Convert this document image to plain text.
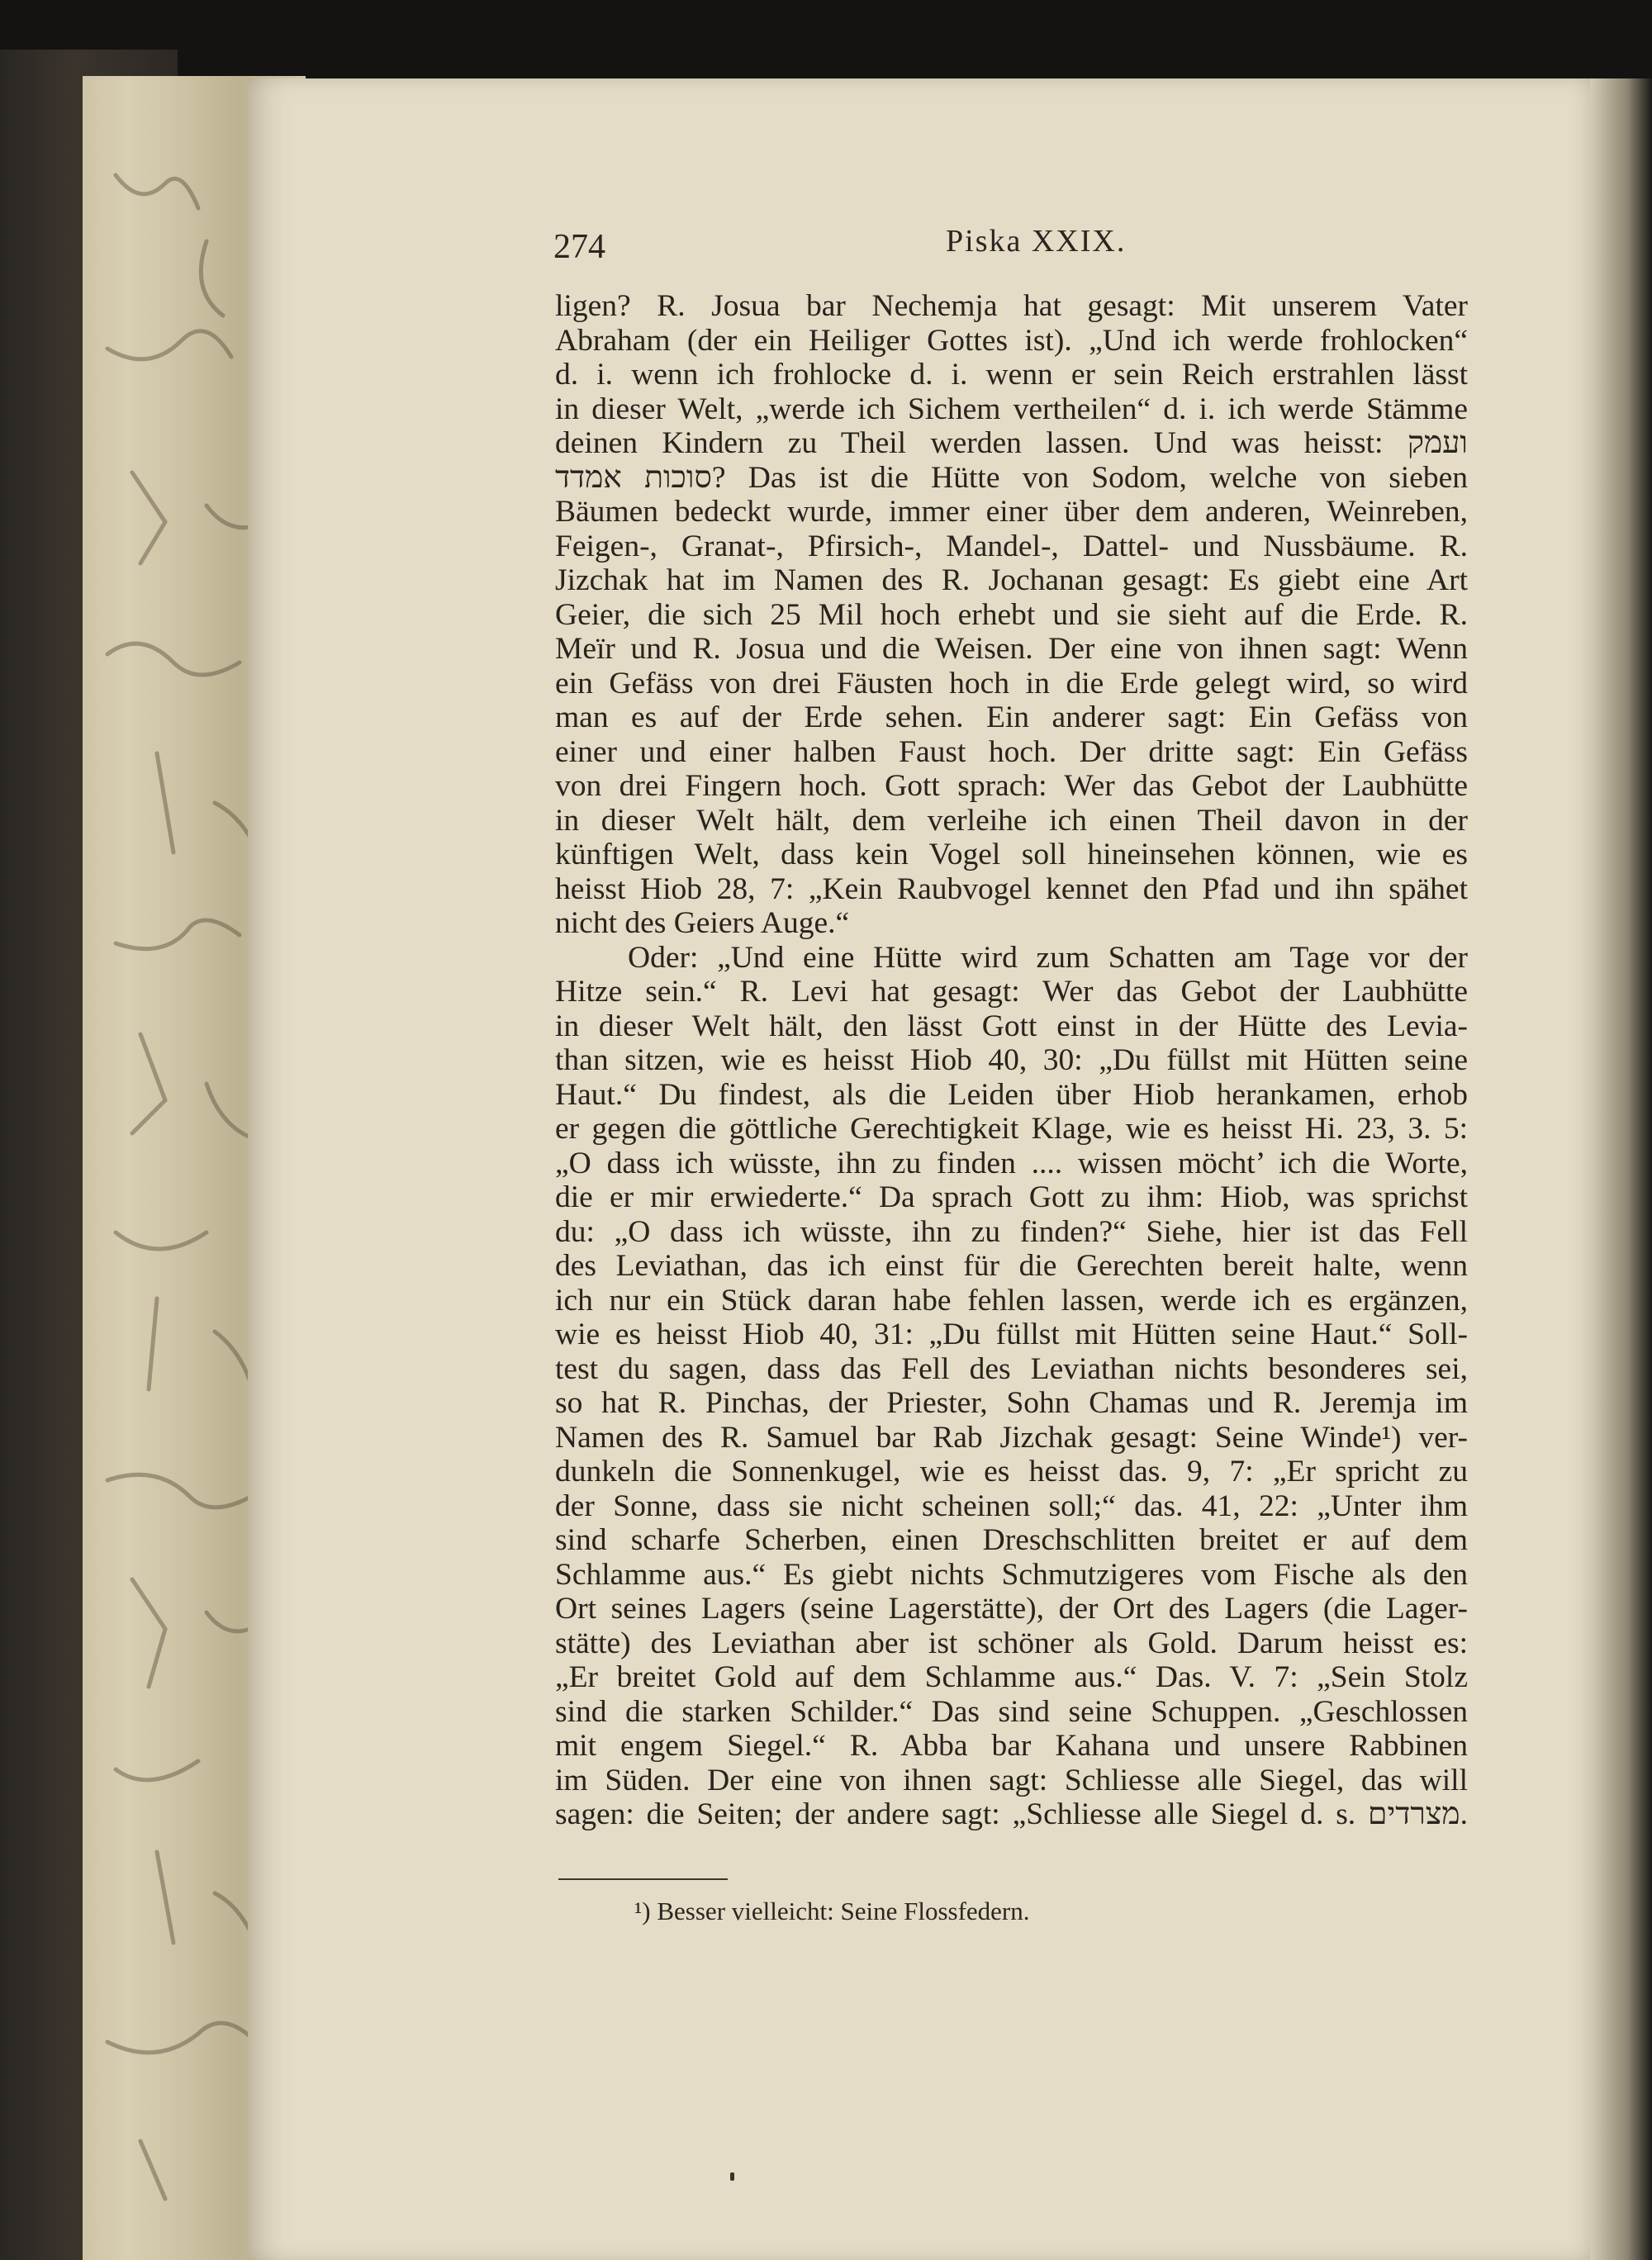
274	Piska XXIX.
ligen? R. Josua bar Nechemja hat gesagt: Mit unserem Vater
Abraham (der ein Heiliger Gottes ist). „Und ich werde frohlocken“
d. i. wenn ich frohlocke d. i. wenn er sein Reich erstrahlen lässt
in dieser Welt, „werde ich Sichem vertheilen“ d. i. ich werde Stämme
deinen Kindern zu Theil werden lassen. Und was heisst: ועמק
סוכות אמדד? Das ist die Hütte von Sodom, welche von sieben
Bäumen bedeckt wurde, immer einer über dem anderen, Weinreben,
Feigen-, Granat-, Pfirsich-, Mandel-, Dattel- und Nussbäume. R.
Jizchak hat im Namen des R. Jochanan gesagt: Es giebt eine Art
Geier, die sich 25 Mil hoch erhebt und sie sieht auf die Erde. R.
Meïr und R. Josua und die Weisen. Der eine von ihnen sagt: Wenn
ein Gefäss von drei Fäusten hoch in die Erde gelegt wird, so wird
man es auf der Erde sehen. Ein anderer sagt: Ein Gefäss von
einer und einer halben Faust hoch. Der dritte sagt: Ein Gefäss
von drei Fingern hoch. Gott sprach: Wer das Gebot der Laubhütte
in dieser Welt hält, dem verleihe ich einen Theil davon in der
künftigen Welt, dass kein Vogel soll hineinsehen können, wie es
heisst Hiob 28, 7: „Kein Raubvogel kennet den Pfad und ihn spähet
nicht des Geiers Auge.“
Oder: „Und eine Hütte wird zum Schatten am Tage vor der
Hitze sein.“ R. Levi hat gesagt: Wer das Gebot der Laubhütte
in dieser Welt hält, den lässt Gott einst in der Hütte des Levia-
than sitzen, wie es heisst Hiob 40, 30: „Du füllst mit Hütten seine
Haut.“ Du findest, als die Leiden über Hiob herankamen, erhob
er gegen die göttliche Gerechtigkeit Klage, wie es heisst Hi. 23, 3. 5:
„O dass ich wüsste, ihn zu finden .... wissen möcht’ ich die Worte,
die er mir erwiederte.“ Da sprach Gott zu ihm: Hiob, was sprichst
du: „O dass ich wüsste, ihn zu finden?“ Siehe, hier ist das Fell
des Leviathan, das ich einst für die Gerechten bereit halte, wenn
ich nur ein Stück daran habe fehlen lassen, werde ich es ergänzen,
wie es heisst Hiob 40, 31: „Du füllst mit Hütten seine Haut.“ Soll-
test du sagen, dass das Fell des Leviathan nichts besonderes sei,
so hat R. Pinchas, der Priester, Sohn Chamas und R. Jeremja im
Namen des R. Samuel bar Rab Jizchak gesagt: Seine Winde¹) ver-
dunkeln die Sonnenkugel, wie es heisst das. 9, 7: „Er spricht zu
der Sonne, dass sie nicht scheinen soll;“ das. 41, 22: „Unter ihm
sind scharfe Scherben, einen Dreschschlitten breitet er auf dem
Schlamme aus.“ Es giebt nichts Schmutzigeres vom Fische als den
Ort seines Lagers (seine Lagerstätte), der Ort des Lagers (die Lager-
stätte) des Leviathan aber ist schöner als Gold. Darum heisst es:
„Er breitet Gold auf dem Schlamme aus.“ Das. V. 7: „Sein Stolz
sind die starken Schilder.“ Das sind seine Schuppen. „Geschlossen
mit engem Siegel.“ R. Abba bar Kahana und unsere Rabbinen
im Süden. Der eine von ihnen sagt: Schliesse alle Siegel, das will
sagen: die Seiten; der andere sagt: „Schliesse alle Siegel d. s. מצרדים.
¹) Besser vielleicht: Seine Flossfedern.
